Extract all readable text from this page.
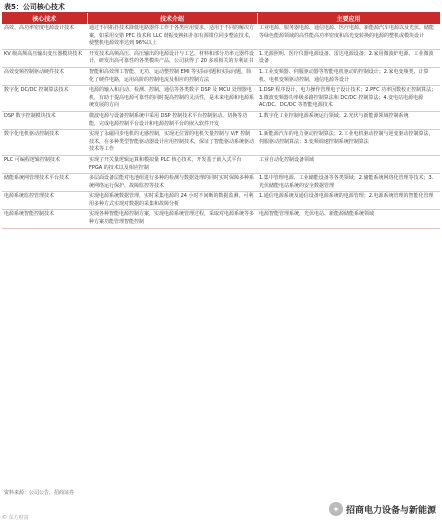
表5：公司核心技术
核心技术	技术介绍	主要应用
高效、高功率密度电源设计技术	通过不同拓扑技术降低电路器件工作于各类应用要求，适用于不同的解决方案，如采用交错 PFC 技术和 LLC 谐振变换拓扑加有源钳位同步整流技术，使整机电源效率达到 96%以上	工业电源、服务器电源、通信电源、医疗电源、新能源汽车电源以及光伏、储能等绿色能源领域的高性能高功率密度和高光变转换的电源的整机或模块设计
KV 级高频高压输出变压器模块技术	开发技术高频高压、高压输出的电源设计与工艺、材料和部分功率元器件设计，研发出高可靠性的各类模块产品，公司获得了 20 多项相关的专利证书	1.光源照明、医疗仪器电源设备、雷达电源设备；2.家用微波炉电源、工业微波设备
高效变频控制驱动硬件技术	智能和高效理工智能、无功、运动整控制 EMI 等实际问题和实际问题，简化了硬件电路，运用高阶的控制电流及相应的控制方法	1.工业变频器、伺服驱动器等智能电机驱动的控制设计；2.家电变频类，计算机、电机变频驱动控制，通信电源等设计
数字化 DC/DC 控制算法技术	电源的输入和启动、检测、控制，通信等各类数字 DSP 及 MCU 处理器电机，有助于提高电源可靠性的同时提高控制的灵活性，是未来电源和电源系统发展的方向	1.DSP 程序设计、电力操作管理电子设计技术；2.PFC 功率因数校正控制算法；3.微波变频器功率级多路控制算法和 DC/DC 控制算法；4.变电站电源电源 AC/DC、DC/DC 等智能电源技术
DSP 数字控制模块技术	微波电源与设备控制系统中采用 DSP 控制技术平台控制驱动、切换等功能，完成电源控制平台设计和电源控制平台的嵌入软件开发	1.数字化工业控制电源系统运行领域；2.光伏与新能源领域控制系统
数字化电机驱动控制技术	实现了永磁同步电机的无感控制，实现无位置的电机矢量控制与 V/F 控制技术，在多种类型智能驱动器设计应用控制技术，保证了智能驱动系统驱动技术等工作	1.新能源汽车的电力驱动控制算法；2.工业电机驱动控制与逆变驱动控制算法，伺服驱动控制算法；3.变频调速控制系统控制算法
PLC 可编程逻辑控制技术	实现了开关量逻辑运算和模拟量 PLC 核心技术，开发基于嵌入式平台 FPGA 的技术以及相应控制	工业自动化控制设备领域
储能系统网管理技术平台技术	多层面设备层能对电池组进行多种的检测与数据处理的同时实时保障多种系统网络运行保护、故障监控等技术	1.集中管理电源、工业储能设备等各类领域；2.储能系统网络化管理等技术；3.光伏储能电站系统的安全数据管理
电源系统监控管理技术	实现电源系统数据管理，实时采集电源的 24 小时不间断的数据监测，可利用多种方式实现对数据的采集和故障分析	1.通信电源系统及通信设备电源系统的电源管理；2.电源系统管理的智能化管理
电源系统智能控制技术	实现各种智能电源控制方案，实现电源系统管理过程，采取对电源系统等多种方案功能管理智能控制	电源智能管理系统，光伏电站、新能源储能系统领域
资料来源：公司公告，招商证券
© 东方财富
✦ 招商电力设备与新能源
